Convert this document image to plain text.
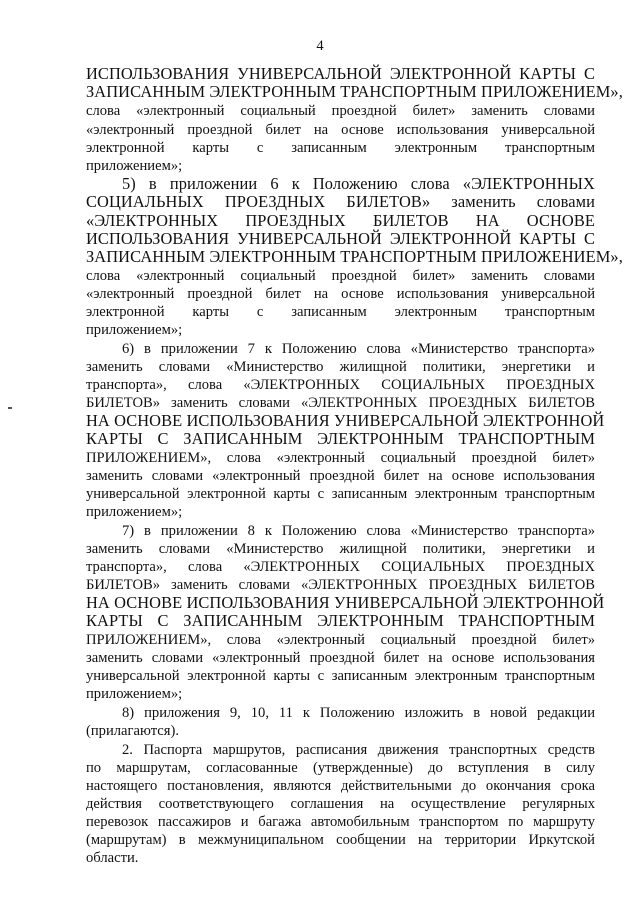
4
ИСПОЛЬЗОВАНИЯ УНИВЕРСАЛЬНОЙ ЭЛЕКТРОННОЙ КАРТЫ С
ЗАПИСАННЫМ ЭЛЕКТРОННЫМ ТРАНСПОРТНЫМ ПРИЛОЖЕНИЕМ»,
слова «электронный социальный проездной билет» заменить словами
«электронный проездной билет на основе использования универсальной
электронной карты с записанным электронным транспортным
приложением»;
5) в приложении 6 к Положению слова «ЭЛЕКТРОННЫХ
СОЦИАЛЬНЫХ ПРОЕЗДНЫХ БИЛЕТОВ» заменить словами
«ЭЛЕКТРОННЫХ ПРОЕЗДНЫХ БИЛЕТОВ НА ОСНОВЕ
ИСПОЛЬЗОВАНИЯ УНИВЕРСАЛЬНОЙ ЭЛЕКТРОННОЙ КАРТЫ С
ЗАПИСАННЫМ ЭЛЕКТРОННЫМ ТРАНСПОРТНЫМ ПРИЛОЖЕНИЕМ»,
слова «электронный социальный проездной билет» заменить словами
«электронный проездной билет на основе использования универсальной
электронной карты с записанным электронным транспортным
приложением»;
6) в приложении 7 к Положению слова «Министерство транспорта»
заменить словами «Министерство жилищной политики, энергетики и
транспорта», слова «ЭЛЕКТРОННЫХ СОЦИАЛЬНЫХ ПРОЕЗДНЫХ
БИЛЕТОВ» заменить словами «ЭЛЕКТРОННЫХ ПРОЕЗДНЫХ БИЛЕТОВ
НА ОСНОВЕ ИСПОЛЬЗОВАНИЯ УНИВЕРСАЛЬНОЙ ЭЛЕКТРОННОЙ
КАРТЫ С ЗАПИСАННЫМ ЭЛЕКТРОННЫМ ТРАНСПОРТНЫМ
ПРИЛОЖЕНИЕМ», слова «электронный социальный проездной билет»
заменить словами «электронный проездной билет на основе использования
универсальной электронной карты с записанным электронным транспортным
приложением»;
7) в приложении 8 к Положению слова «Министерство транспорта»
заменить словами «Министерство жилищной политики, энергетики и
транспорта», слова «ЭЛЕКТРОННЫХ СОЦИАЛЬНЫХ ПРОЕЗДНЫХ
БИЛЕТОВ» заменить словами «ЭЛЕКТРОННЫХ ПРОЕЗДНЫХ БИЛЕТОВ
НА ОСНОВЕ ИСПОЛЬЗОВАНИЯ УНИВЕРСАЛЬНОЙ ЭЛЕКТРОННОЙ
КАРТЫ С ЗАПИСАННЫМ ЭЛЕКТРОННЫМ ТРАНСПОРТНЫМ
ПРИЛОЖЕНИЕМ», слова «электронный социальный проездной билет»
заменить словами «электронный проездной билет на основе использования
универсальной электронной карты с записанным электронным транспортным
приложением»;
8) приложения 9, 10, 11 к Положению изложить в новой редакции
(прилагаются).
2. Паспорта маршрутов, расписания движения транспортных средств
по маршрутам, согласованные (утвержденные) до вступления в силу
настоящего постановления, являются действительными до окончания срока
действия соответствующего соглашения на осуществление регулярных
перевозок пассажиров и багажа автомобильным транспортом по маршруту
(маршрутам) в межмуниципальном сообщении на территории Иркутской
области.
